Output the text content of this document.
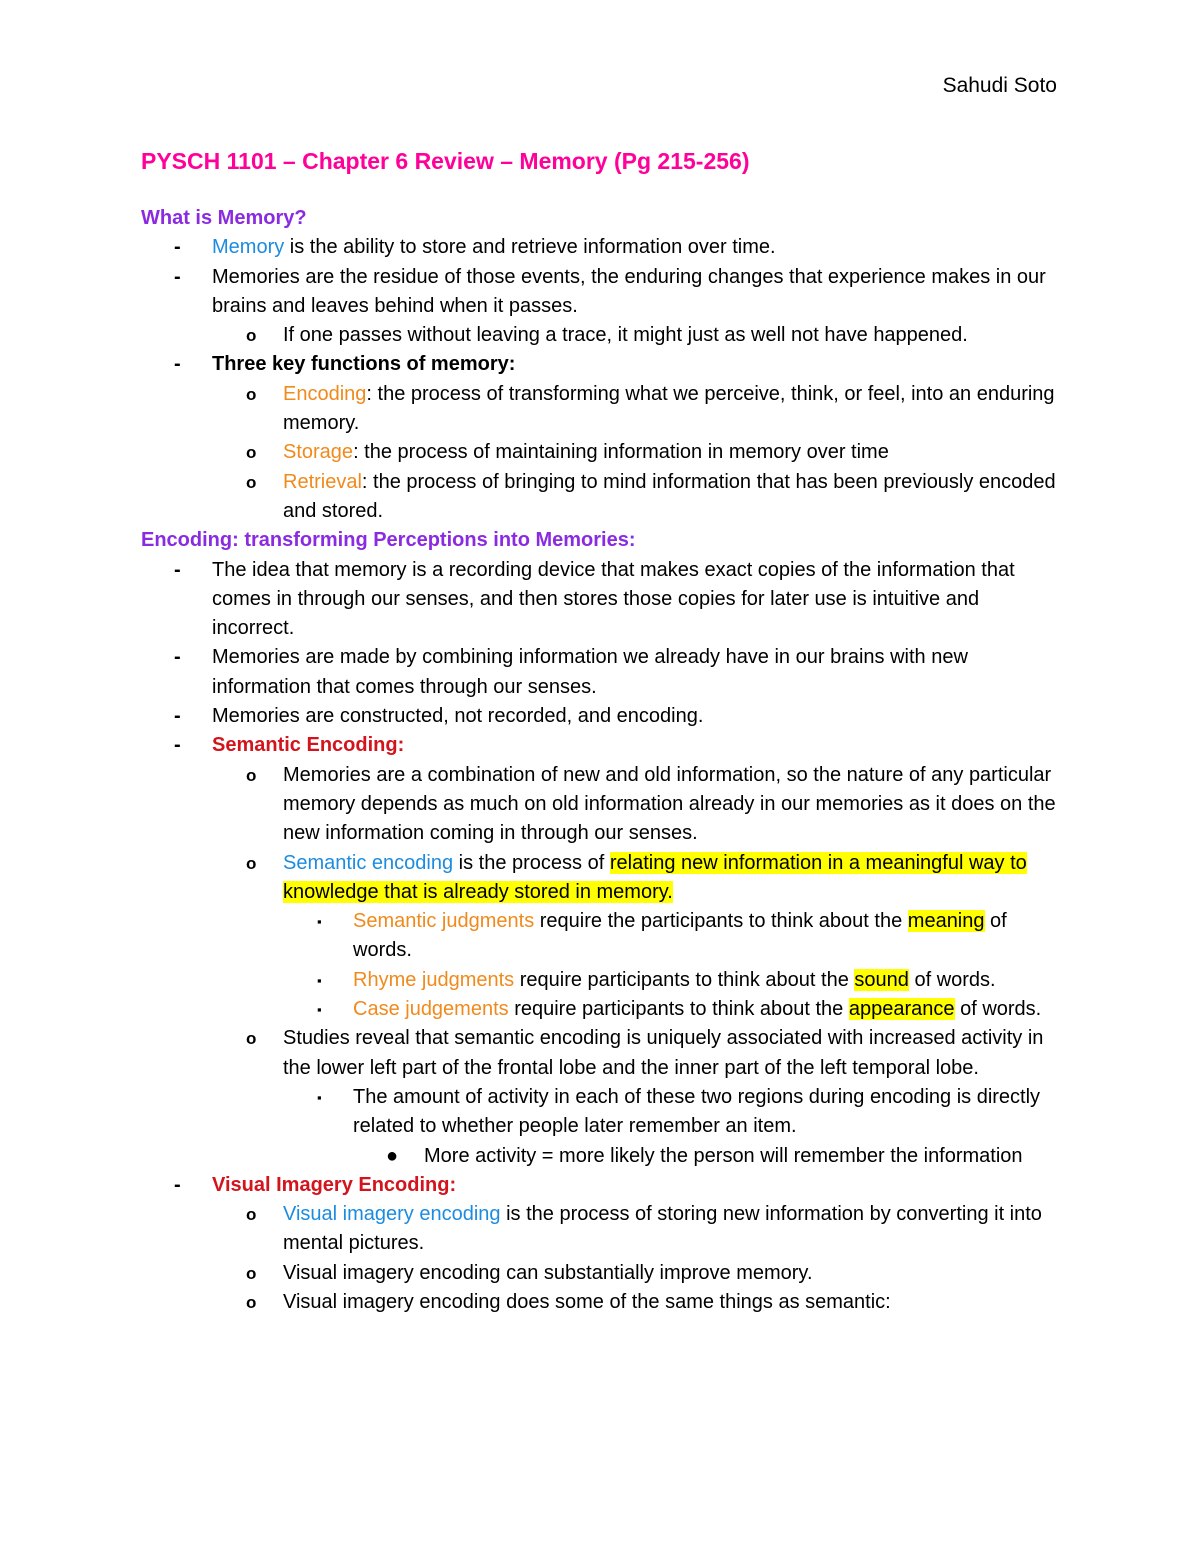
Sahudi Soto
PYSCH 1101 – Chapter 6 Review – Memory (Pg 215-256)

What is Memory?

- Memory is the ability to store and retrieve information over time.
- Memories are the residue of those events, the enduring changes that experience makes in our brains and leaves behind when it passes.
o If one passes without leaving a trace, it might just as well not have happened.
- Three key functions of memory:
o Encoding: the process of transforming what we perceive, think, or feel, into an enduring memory.
o Storage: the process of maintaining information in memory over time
o Retrieval: the process of bringing to mind information that has been previously encoded and stored.

Encoding: transforming Perceptions into Memories:

- The idea that memory is a recording device that makes exact copies of the information that comes in through our senses, and then stores those copies for later use is intuitive and incorrect.
- Memories are made by combining information we already have in our brains with new information that comes through our senses.
- Memories are constructed, not recorded, and encoding.
- Semantic Encoding:
o Memories are a combination of new and old information, so the nature of any particular memory depends as much on old information already in our memories as it does on the new information coming in through our senses.
o Semantic encoding is the process of relating new information in a meaningful way to knowledge that is already stored in memory.
▪ Semantic judgments require the participants to think about the meaning of words.
▪ Rhyme judgments require participants to think about the sound of words.
▪ Case judgements require participants to think about the appearance of words.
o Studies reveal that semantic encoding is uniquely associated with increased activity in the lower left part of the frontal lobe and the inner part of the left temporal lobe.
▪ The amount of activity in each of these two regions during encoding is directly related to whether people later remember an item.
● More activity = more likely the person will remember the information
- Visual Imagery Encoding:
o Visual imagery encoding is the process of storing new information by converting it into mental pictures.
o Visual imagery encoding can substantially improve memory.
o Visual imagery encoding does some of the same things as semantic:
